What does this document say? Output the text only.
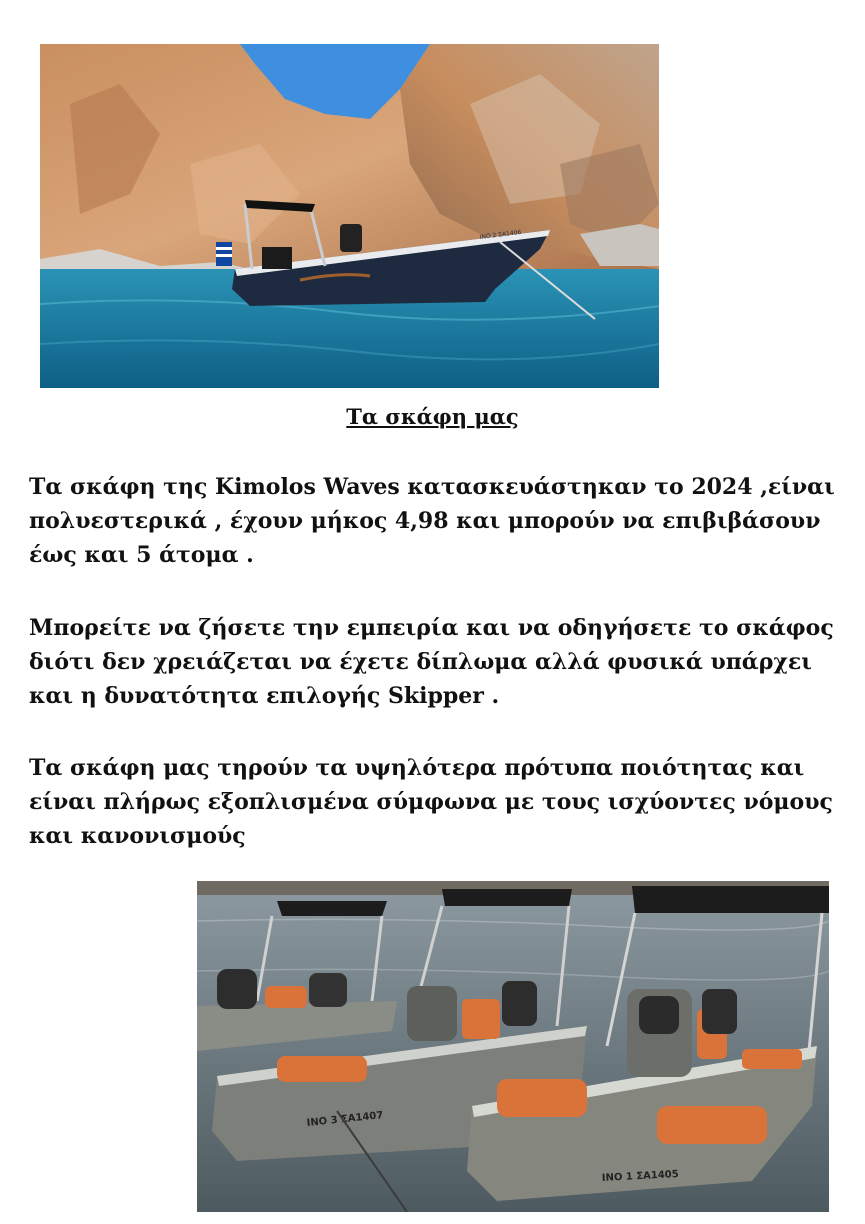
ΙΝΟ 2 ΣΑ1406
Τα σκάφη μας

Τα σκάφη της Kimolos Waves κατασκευάστηκαν το 2024 ,είναι
πολυεστερικά , έχουν μήκος 4,98 και μπορούν να επιβιβάσουν
έως και 5 άτομα .

Μπορείτε να ζήσετε την εμπειρία και να οδηγήσετε το σκάφος
διότι δεν χρειάζεται να έχετε δίπλωμα αλλά φυσικά υπάρχει
και η δυνατότητα επιλογής Skipper .

Τα σκάφη μας τηρούν τα υψηλότερα πρότυπα ποιότητας και
είναι πλήρως εξοπλισμένα σύμφωνα με τους ισχύοντες νόμους
και κανονισμούς

ΙΝΟ 3 ΣΑ1407
ΙΝΟ 1 ΣΑ1405
